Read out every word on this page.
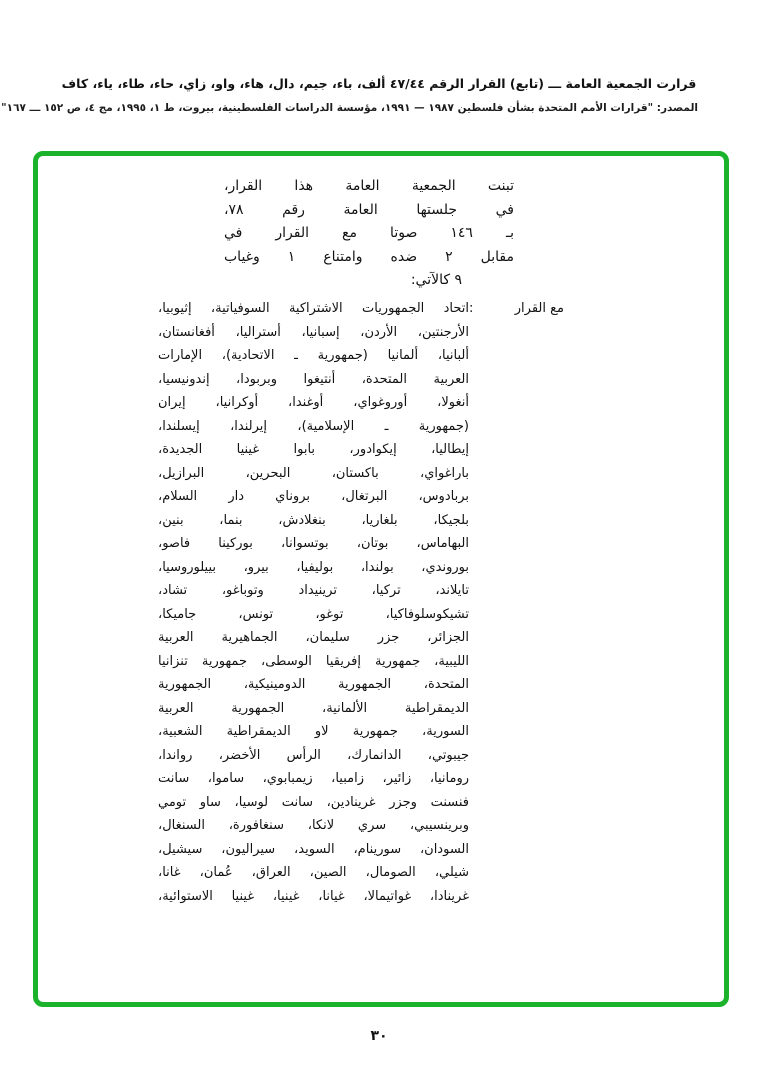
قرارت الجمعية العامة ـــ (تابع) القرار الرقم ٤٧/٤٤ ألف، باء، جيم، دال، هاء، واو، زاي، حاء، طاء، ياء، كاف
المصدر: "قرارات الأمم المتحدة بشأن فلسطين ١٩٨٧ — ١٩٩١، مؤسسة الدراسات الفلسطينية، بيروت، ط ١، ١٩٩٥، مج ٤، ص ١٥٢ ـــ ١٦٧"
تبنت الجمعية العامة هذا القرار،
في جلستها العامة رقم ٧٨،
بـ ١٤٦ صوتا مع القرار في
مقابل ٢ ضده وامتناع ١ وغياب
٩ كالآتي:
مع القرار
:
اتحاد الجمهوريات الاشتراكية السوفياتية، إثيوبيا،
الأرجنتين، الأردن، إسبانيا، أستراليا، أفغانستان،
ألبانيا، ألمانيا (جمهورية ـ الاتحادية)، الإمارات
العربية المتحدة، أنتيغوا وبربودا، إندونيسيا،
أنغولا، أوروغواي، أوغندا، أوكرانيا، إيران
(جمهورية ـ الإسلامية)، إيرلندا، إيسلندا،
إيطاليا، إيكوادور، بابوا غينيا الجديدة،
باراغواي، باكستان، البحرين، البرازيل،
بربادوس، البرتغال، بروناي دار السلام،
بلجيكا، بلغاريا، بنغلادش، بنما، بنين،
البهاماس، بوتان، بوتسوانا، بوركينا فاصو،
بوروندي، بولندا، بوليفيا، بيرو، بييلوروسيا،
تايلاند، تركيا، ترينيداد وتوباغو، تشاد،
تشيكوسلوفاكيا، توغو، تونس، جاميكا،
الجزائر، جزر سليمان، الجماهيرية العربية
الليبية، جمهورية إفريقيا الوسطى، جمهورية تنزانيا
المتحدة، الجمهورية الدومينيكية، الجمهورية
الديمقراطية الألمانية، الجمهورية العربية
السورية، جمهورية لاو الديمقراطية الشعبية،
جيبوتي، الدانمارك، الرأس الأخضر، رواندا،
رومانيا، زائير، زامبيا، زيمبابوي، ساموا، سانت
فنسنت وجزر غرينادين، سانت لوسيا، ساو تومي
وبرينسيبي، سري لانكا، سنغافورة، السنغال،
السودان، سورينام، السويد، سيراليون، سيشيل،
شيلي، الصومال، الصين، العراق، عُمان، غانا،
غرينادا، غواتيمالا، غيانا، غينيا، غينيا الاستوائية،
٣٠
